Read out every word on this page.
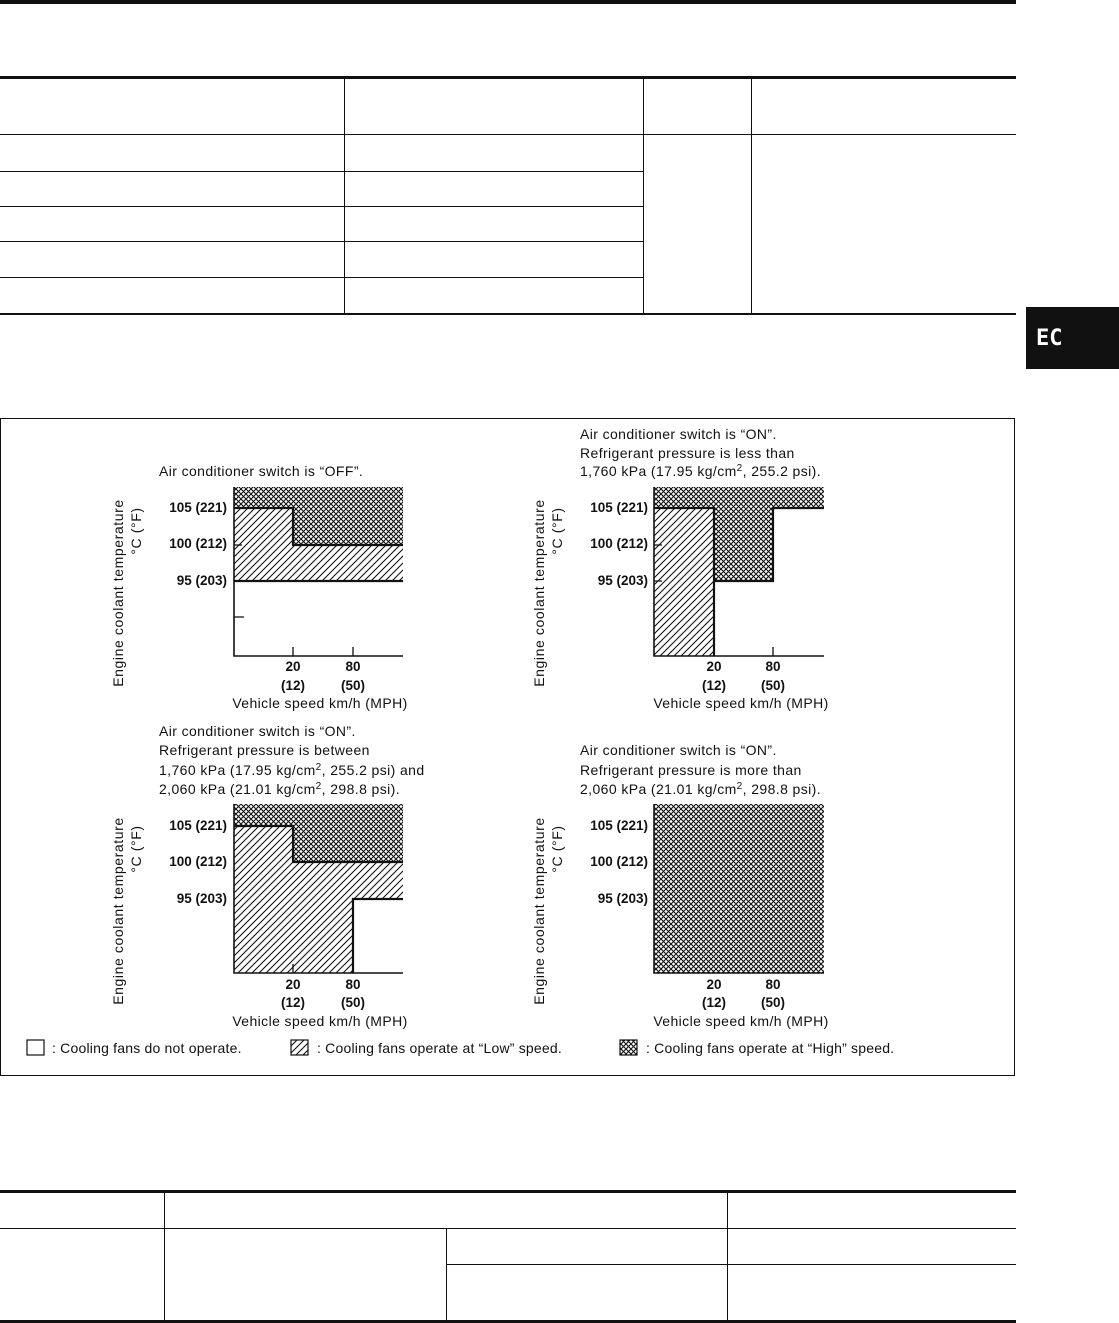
EC
Air conditioner switch is “OFF”.
105 (221)
100 (212)
95 (203)
20
(12)
80
(50)
Vehicle speed km/h (MPH)
Engine coolant temperature °C (°F)
Air conditioner switch is “ON”.
Refrigerant pressure is less than
1,760 kPa (17.95 $kg/cm^2$, 255.2 psi).
105 (221)
100 (212)
95 (203)
20
(12)
80
(50)
Vehicle speed km/h (MPH)
Engine coolant temperature °C (°F)
Air conditioner switch is “ON”.
Refrigerant pressure is between
1,760 kPa (17.95 $kg/cm^2$, 255.2 psi) and
2,060 kPa (21.01 $kg/cm^2$, 298.8 psi).
105 (221)
100 (212)
95 (203)
20
(12)
80
(50)
Vehicle speed km/h (MPH)
Engine coolant temperature °C (°F)
Air conditioner switch is “ON”.
Refrigerant pressure is more than
2,060 kPa (21.01 $kg/cm^2$, 298.8 psi).
105 (221)
100 (212)
95 (203)
20
(12)
80
(50)
Vehicle speed km/h (MPH)
Engine coolant temperature °C (°F)
: Cooling fans do not operate.	: Cooling fans operate at “Low” speed.	: Cooling fans operate at “High” speed.
